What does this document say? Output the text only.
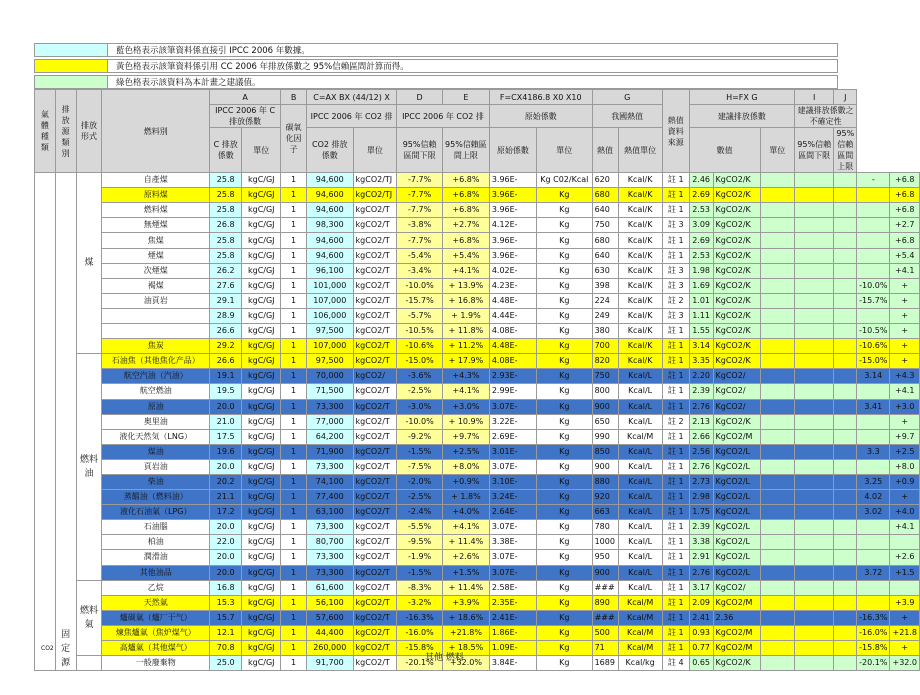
藍色格表示該筆資料係直接引 IPCC 2006 年數據。
黃色格表示該筆資料係引用 CC 2006 年排放係數之 95%信賴區間計算而得。
綠色格表示該資料為本計畫之建議值。
氣體種類	排放源類別	排放形式	燃料別	A		B	C=AX BX (44/12) X		D	E	F=CX4186.8 X0 X10		G		熱值資料來源	H=FX G			I	J		
				IPCC 2006 年 C 排放係數		碳氧化因子	IPCC 2006 年 CO2 排		IPCC 2006 年 CO2 排		原始係數		我國熱值			建議排放係數			建議排放係數之不確定性			
				C 排放係數	單位		CO2 排放係數	單位	95%信賴區間下限	95%信賴區間上限									95%信賴區間下限	95%信賴區間上限		
											原始係數	單位	熱值	熱值單位		數值		單位				
	固定源	煤	自產煤	25.8	kgC/GJ	1	94,600	kgCO2/TJ	-7.7%	+6.8%	3.96E-	Kg C02/Kcal	620	Kcal/K	註 1	2.46	KgCO2/K				-	+6.8
			原料煤	25.8	kgC/GJ	1	94,600	kgCO2/TJ	-7.7%	+6.8%	3.96E-	Kg	680	Kcal/K	註 1	2.69	KgCO2/K					+6.8
			燃料煤	25.8	kgC/GJ	1	94,600	kgCO2/T	-7.7%	+6.8%	3.96E-	Kg	640	Kcal/K	註 1	2.53	KgCO2/K					+6.8
			無煙煤	26.8	kgC/GJ	1	98,300	kgCO2/T	-3.8%	+2.7%	4.12E-	Kg	750	Kcal/K	註 3	3.09	KgCO2/K					+2.7
			焦煤	25.8	kgC/GJ	1	94,600	kgCO2/T	-7.7%	+6.8%	3.96E-	Kg	680	Kcal/K	註 1	2.69	KgCO2/K					+6.8
			煙煤	25.8	kgC/GJ	1	94,600	kgCO2/T	-5.4%	+5.4%	3.96E-	Kg	640	Kcal/K	註 1	2.53	KgCO2/K					+5.4
			次煙煤	26.2	kgC/GJ	1	96,100	kgCO2/T	-3.4%	+4.1%	4.02E-	Kg	630	Kcal/K	註 3	1.98	KgCO2/K					+4.1
			褐煤	27.6	kgC/GJ	1	101,000	kgCO2/T	-10.0%	+ 13.9%	4.23E-	Kg	398	Kcal/K	註 3	1.69	KgCO2/K				-10.0%	+
			油頁岩	29.1	kgC/GJ	1	107,000	kgCO2/T	-15.7%	+ 16.8%	4.48E-	Kg	224	Kcal/K	註 2	1.01	KgCO2/K				-15.7%	+
				28.9	kgC/GJ	1	106,000	kgCO2/T	-5.7%	+ 1.9%	4.44E-	Kg	249	Kcal/K	註 3	1.11	KgCO2/K					+
				26.6	kgC/GJ	1	97,500	kgCO2/T	-10.5%	+ 11.8%	4.08E-	Kg	380	Kcal/K	註 1	1.55	KgCO2/K				-10.5%	+
			焦炭	29.2	kgC/GJ	1	107,000	kgCO2/T	-10.6%	+ 11.2%	4.48E-	Kg	700	Kcal/K	註 1	3.14	KgCO2/K				-10.6%	+
		燃料油	石油焦（其他焦化产品）	26.6	kgC/GJ	1	97,500	kgCO2/T	-15.0%	+ 17.9%	4.08E-	Kg	820	Kcal/K	註 1	3.35	KgCO2/K				-15.0%	+
			航空汽油（汽油）	19.1	kgC/GJ	1	70,000	kgCO2/	-3.6%	+4.3%	2.93E-	Kg	750	Kcal/L	註 1	2.20	KgCO2/				3.14	+4.3
			航空燃油	19.5	kgC/GJ	1	71,500	kgCO2/T	-2.5%	+4.1%	2.99E-	Kg	800	Kcal/L	註 1	2.39	KgCO2/					+4.1
			原油	20.0	kgC/GJ	1	73,300	kgCO2/T	-3.0%	+3.0%	3.07E-	Kg	900	Kcal/L	註 1	2.76	KgCO2/				3.41	+3.0
			奥里油	21.0	kgC/GJ	1	77,000	kgCO2/T	-10.0%	+ 10.9%	3.22E-	Kg	650	Kcal/L	註 2	2.13	KgCO2/K					+
			液化天然気（LNG）	17.5	kgC/GJ	1	64,200	kgCO2/T	-9.2%	+9.7%	2.69E-	Kg	990	Kcal/M	註 1	2.66	KgCO2/M					+9.7
			煤油	19.6	kgC/GJ	1	71,900	kgCO2/T	-1.5%	+2.5%	3.01E-	Kg	850	Kcal/L	註 1	2.56	KgCO2/L				3.3	+2.5
			頁岩油	20.0	kgC/GJ	1	73,300	kgCO2/T	-7.5%	+8.0%	3.07E-	Kg	900	Kcal/L	註 1	2.76	KgCO2/L					+8.0
			柴油	20.2	kgC/GJ	1	74,100	kgCO2/T	-2.0%	+0.9%	3.10E-	Kg	880	Kcal/L	註 1	2.73	KgCO2/L				3.25	+0.9
			蒸餾油（燃料油）	21.1	kgC/GJ	1	77,400	kgCO2/T	-2.5%	+ 1.8%	3.24E-	Kg	920	Kcal/L	註 1	2.98	KgCO2/L				4.02	+
			液化石油氣（LPG）	17.2	kgC/GJ	1	63,100	kgCO2/T	-2.4%	+4.0%	2.64E-	Kg	663	Kcal/L	註 1	1.75	KgCO2/L				3.02	+4.0
			石油腦	20.0	kgC/GJ	1	73,300	kgCO2/T	-5.5%	+4.1%	3.07E-	Kg	780	Kcal/L	註 1	2.39	KgCO2/L					+4.1
			柏油	22.0	kgC/GJ	1	80,700	kgCO2/T	-9.5%	+ 11.4%	3.38E-	Kg	1000	Kcal/L	註 1	3.38	KgCO2/L					
			潤滑油	20.0	kgC/GJ	1	73,300	kgCO2/T	-1.9%	+2.6%	3.07E-	Kg	950	Kcal/L	註 1	2.91	KgCO2/L					+2.6
			其他油品	20.0	kgC/GJ	1	73,300	kgCO2/T	-1.5%	+1.5%	3.07E-	Kg	900	Kcal/L	註 1	2.76	KgCO2/L				3.72	+1.5
		燃料氣	乙烷	16.8	kgC/GJ	1	61,600	kgCO2/T	-8.3%	+ 11.4%	2.58E-	Kg	###	Kcal/L	註 1	3.17	KgCO2/					
			天然氣	15.3	kgC/GJ	1	56,100	kgCO2/T	-3.2%	+3.9%	2.35E-	Kg	890	Kcal/M	註 1	2.09	KgCO2/M					+3.9
			爐碳氣（爐厂干气）	15.7	kgC/GJ	1	57,600	kgCO2/T	-16.3%	+ 18.6%	2.41E-	Kg	###	Kcal/M	註 1	2.41	2.36				-16.3%	+
			煉焦爐氣（焦炉煤气）	12.1	kgC/GJ	1	44,400	kgCO2/T	-16.0%	+21.8%	1.86E-	Kg	500	Kcal/M	註 1	0.93	KgCO2/M				-16.0%	+21.8
			高爐氣（其他煤气）	70.8	kgC/GJ	1	260,000	kgCO2/T	-15.8%	+ 18.5%	1.09E-	Kg	71	Kcal/M	註 1	0.77	KgCO2/M				-15.8%	+
			一般廢棄物	25.0	kgC/GJ	1	91,700	kgCO2/T	-20.1%	+32.0%	3.84E-	Kg	1689	Kcal/kg	註 4	0.65	KgCO2/K				-20.1%	+32.0
CO2
其他 燃料
